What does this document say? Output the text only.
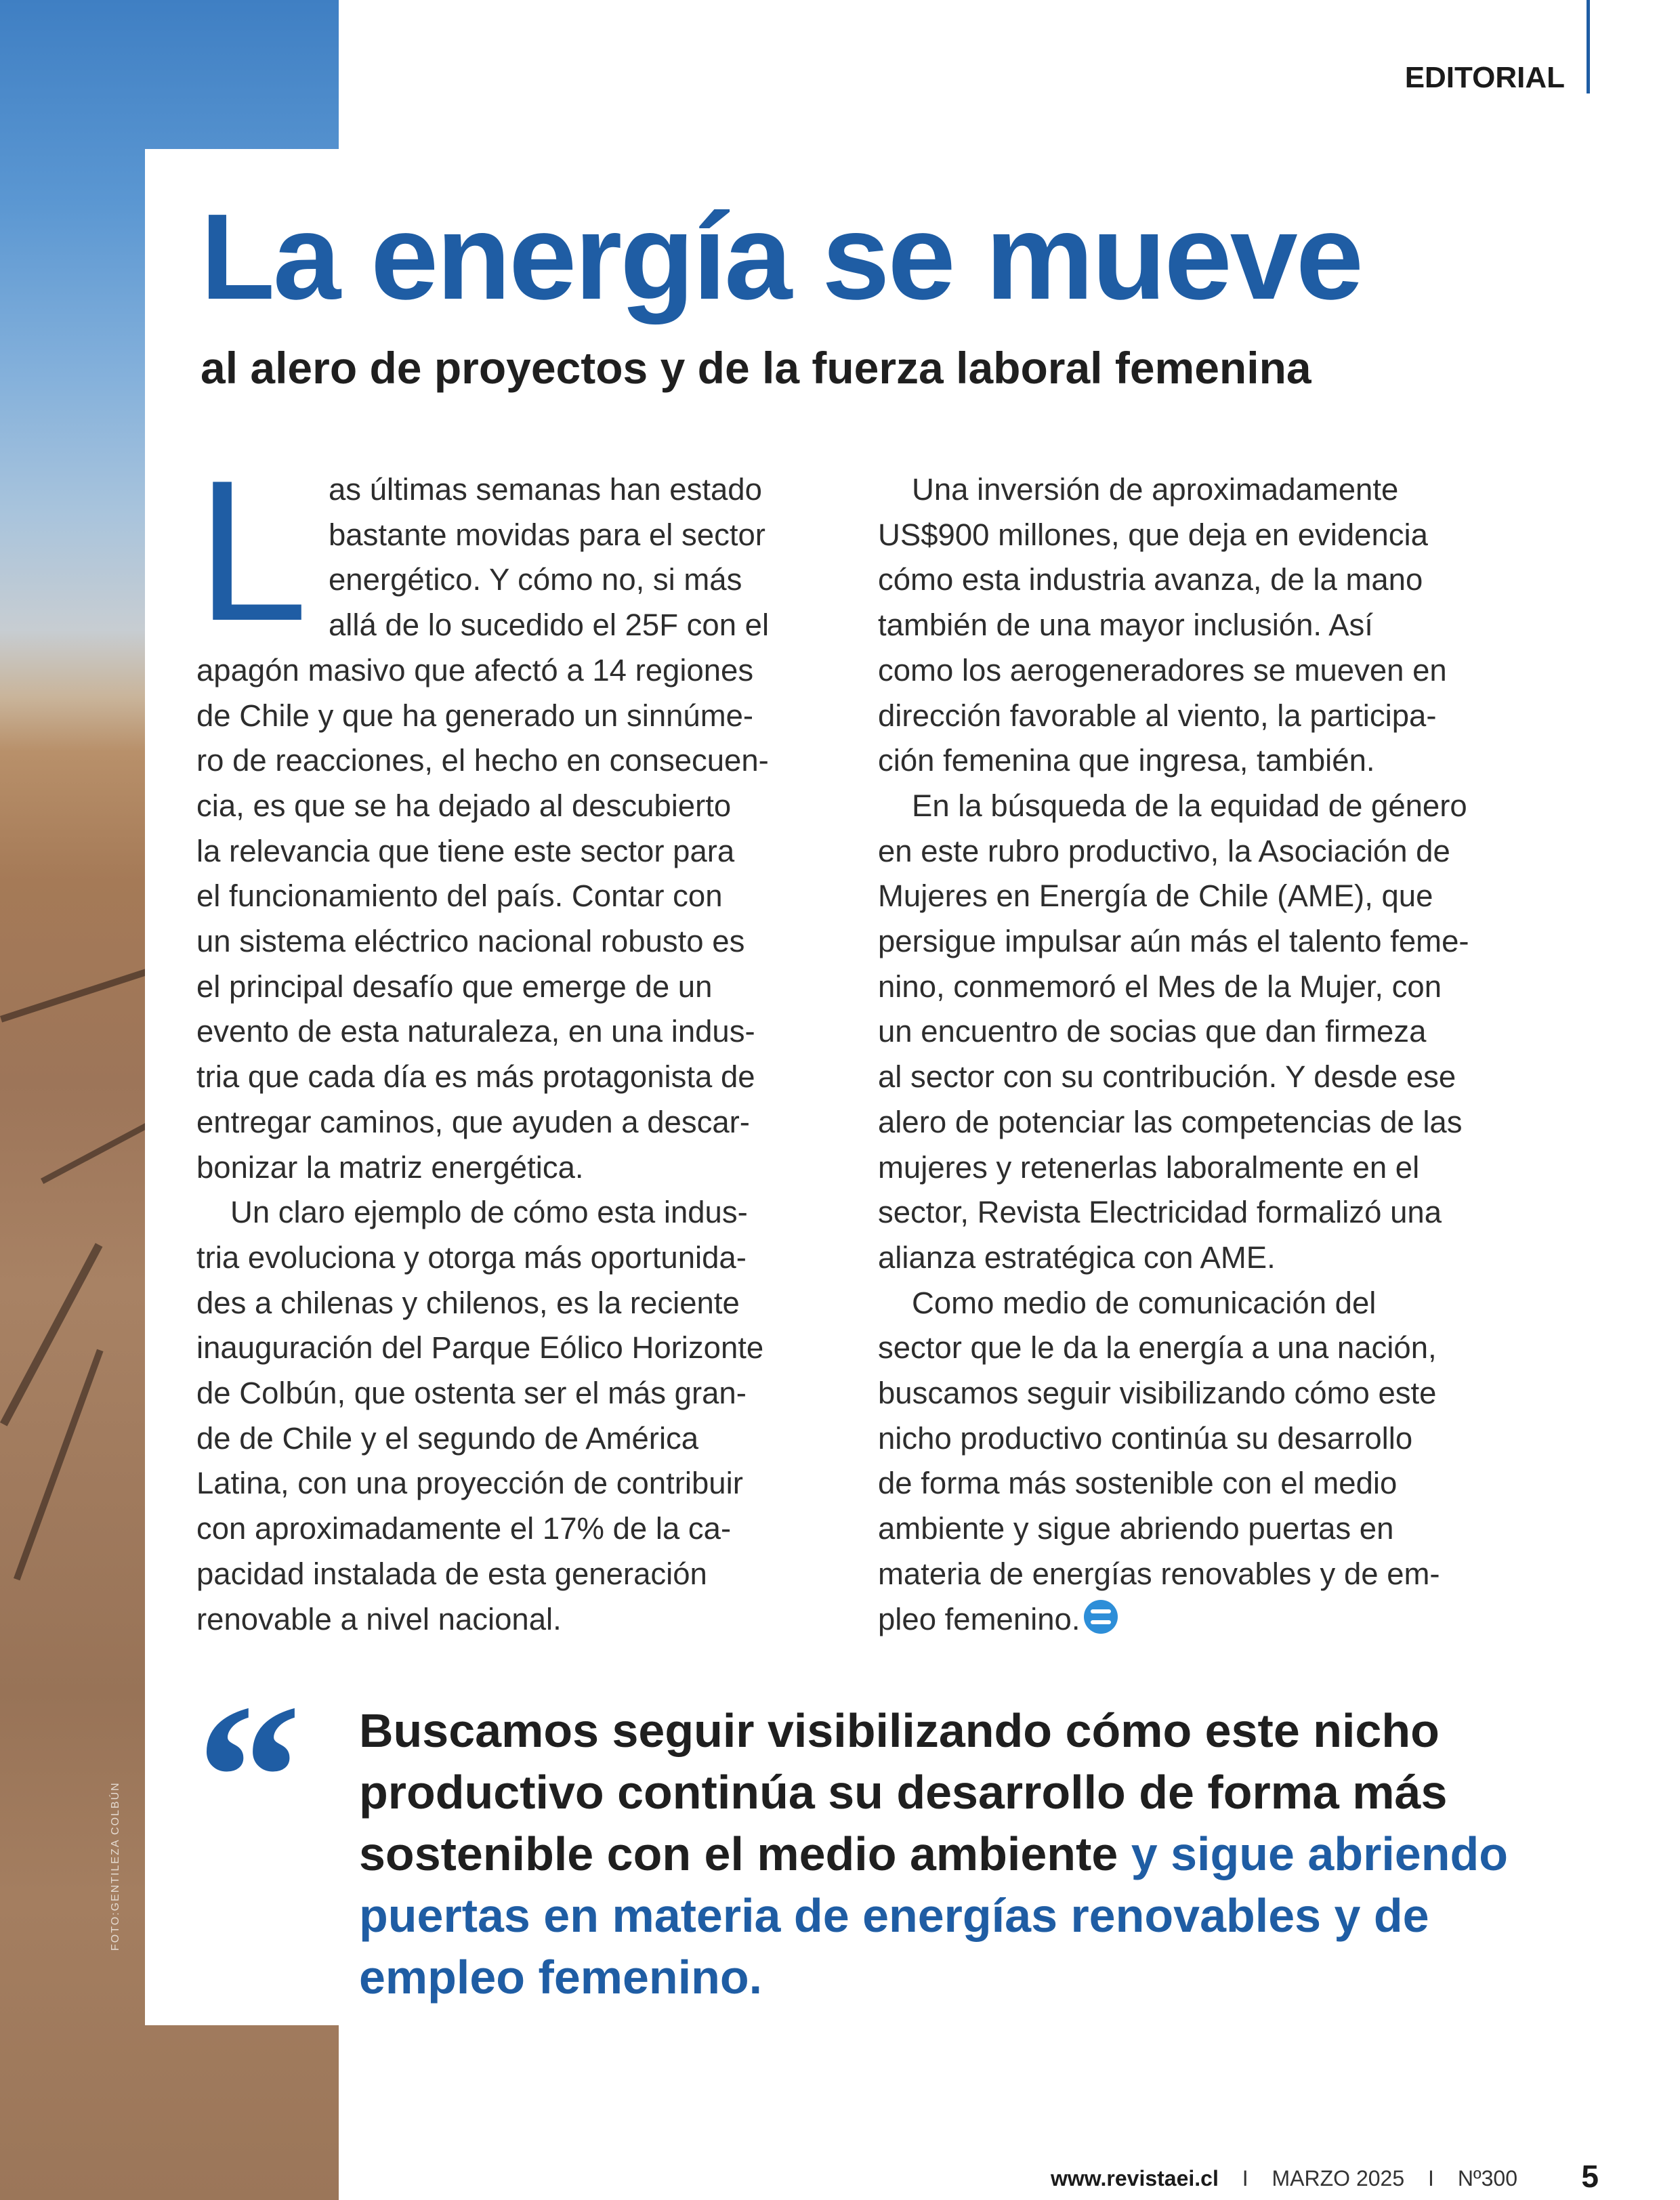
FOTO:GENTILEZA COLBÚN
EDITORIAL
La energía se mueve
al alero de proyectos y de la fuerza laboral femenina
L as últimas semanas han estado
bastante movidas para el sector
energético. Y cómo no, si más
allá de lo sucedido el 25F con el
apagón masivo que afectó a 14 regiones
de Chile y que ha generado un sinnúme-
ro de reacciones, el hecho en consecuen-
cia, es que se ha dejado al descubierto
la relevancia que tiene este sector para
el funcionamiento del país. Contar con
un sistema eléctrico nacional robusto es
el principal desafío que emerge de un
evento de esta naturaleza, en una indus-
tria que cada día es más protagonista de
entregar caminos, que ayuden a descar-
bonizar la matriz energética.

Un claro ejemplo de cómo esta indus-
tria evoluciona y otorga más oportunida-
des a chilenas y chilenos, es la reciente
inauguración del Parque Eólico Horizonte
de Colbún, que ostenta ser el más gran-
de de Chile y el segundo de América
Latina, con una proyección de contribuir
con aproximadamente el 17% de la ca-
pacidad instalada de esta generación
renovable a nivel nacional.

Una inversión de aproximadamente
US$900 millones, que deja en evidencia
cómo esta industria avanza, de la mano
también de una mayor inclusión. Así
como los aerogeneradores se mueven en
dirección favorable al viento, la participa-
ción femenina que ingresa, también.

En la búsqueda de la equidad de género
en este rubro productivo, la Asociación de
Mujeres en Energía de Chile (AME), que
persigue impulsar aún más el talento feme-
nino, conmemoró el Mes de la Mujer, con
un encuentro de socias que dan firmeza
al sector con su contribución. Y desde ese
alero de potenciar las competencias de las
mujeres y retenerlas laboralmente en el
sector, Revista Electricidad formalizó una
alianza estratégica con AME.

Como medio de comunicación del
sector que le da la energía a una nación,
buscamos seguir visibilizando cómo este
nicho productivo continúa su desarrollo
de forma más sostenible con el medio
ambiente y sigue abriendo puertas en
materia de energías renovables y de em-
pleo femenino.

“ Buscamos seguir visibilizando cómo este nicho productivo continúa su desarrollo de forma más sostenible con el medio ambiente y sigue abriendo puertas en materia de energías renovables y de empleo femenino.

www.revistaei.cl I MARZO 2025 I Nº300 5
